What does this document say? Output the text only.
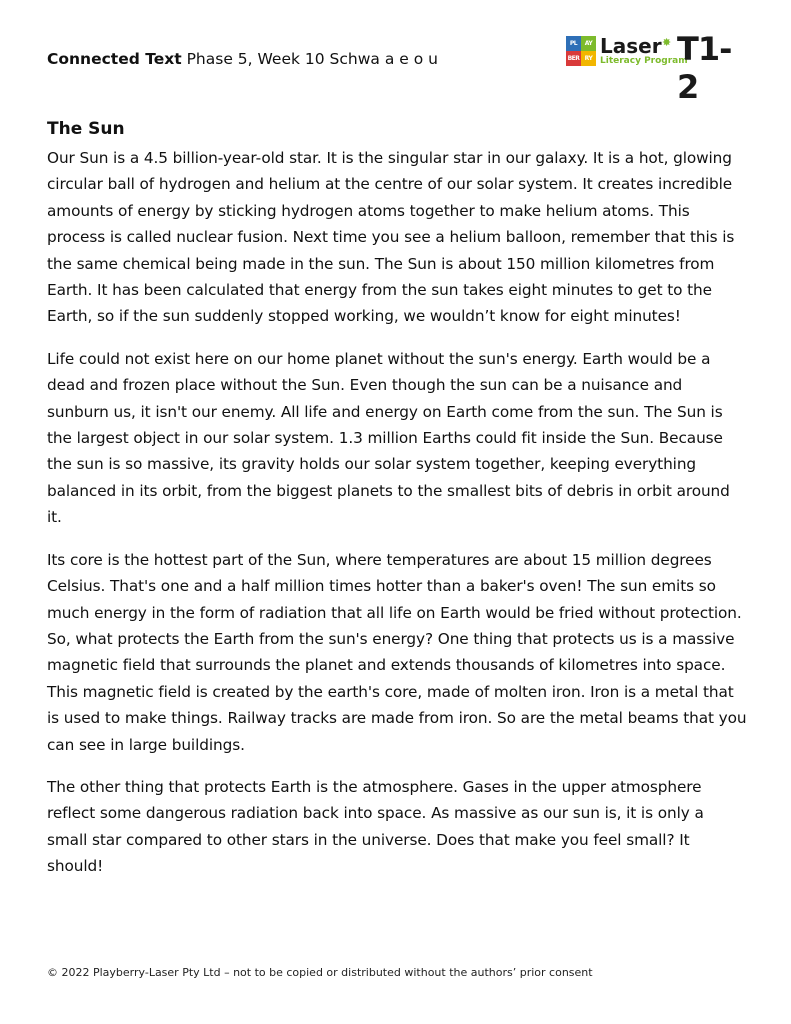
Connected Text Phase 5, Week 10 Schwa a e o u
PL	AY
BER RY
Laser ✸
Literacy Program
T1-2
The Sun

Our Sun is a 4.5 billion-year-old star. It is the singular star in our galaxy. It is a hot, glowing circular ball of hydrogen and helium at the centre of our solar system. It creates incredible amounts of energy by sticking hydrogen atoms together to make helium atoms. This process is called nuclear fusion. Next time you see a helium balloon, remember that this is the same chemical being made in the sun. The Sun is about 150 million kilometres from Earth. It has been calculated that energy from the sun takes eight minutes to get to the Earth, so if the sun suddenly stopped working, we wouldn’t know for eight minutes!

Life could not exist here on our home planet without the sun's energy. Earth would be a dead and frozen place without the Sun. Even though the sun can be a nuisance and sunburn us, it isn't our enemy. All life and energy on Earth come from the sun. The Sun is the largest object in our solar system. 1.3 million Earths could fit inside the Sun. Because the sun is so massive, its gravity holds our solar system together, keeping everything balanced in its orbit, from the biggest planets to the smallest bits of debris in orbit around it.

Its core is the hottest part of the Sun, where temperatures are about 15 million degrees Celsius. That's one and a half million times hotter than a baker's oven! The sun emits so much energy in the form of radiation that all life on Earth would be fried without protection. So, what protects the Earth from the sun's energy? One thing that protects us is a massive magnetic field that surrounds the planet and extends thousands of kilometres into space. This magnetic field is created by the earth's core, made of molten iron. Iron is a metal that is used to make things. Railway tracks are made from iron. So are the metal beams that you can see in large buildings.

The other thing that protects Earth is the atmosphere. Gases in the upper atmosphere reflect some dangerous radiation back into space. As massive as our sun is, it is only a small star compared to other stars in the universe. Does that make you feel small? It should!

© 2022 Playberry-Laser Pty Ltd – not to be copied or distributed without the authors’ prior consent
